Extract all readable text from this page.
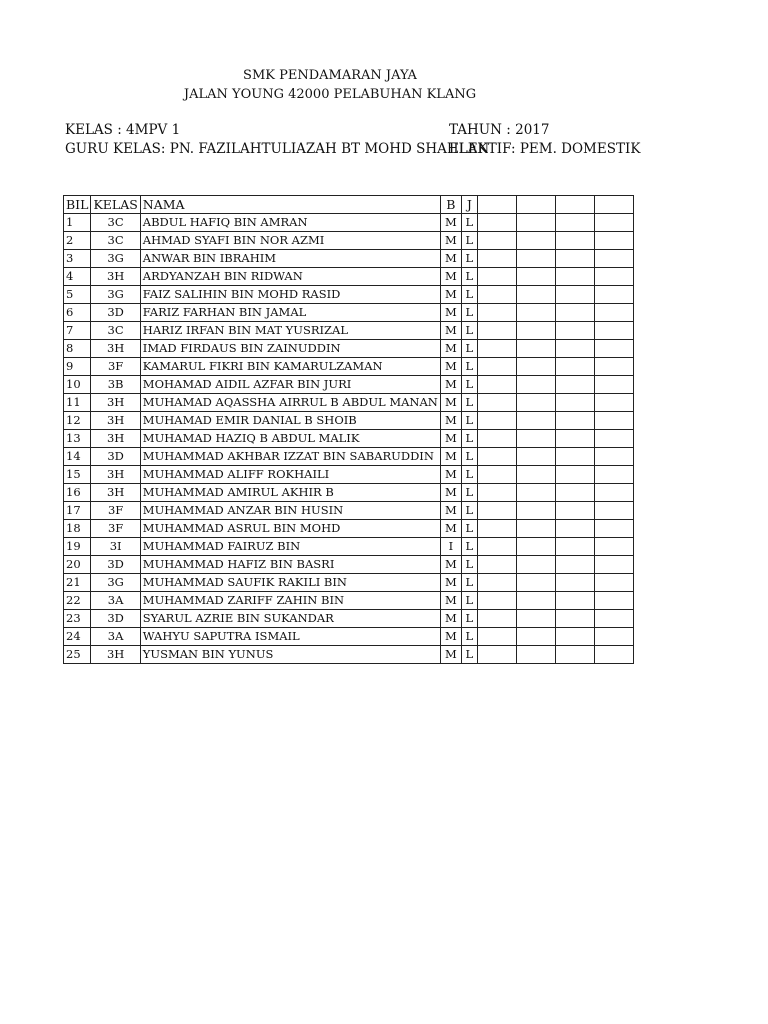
SMK PENDAMARAN JAYA
JALAN YOUNG 42000 PELABUHAN KLANG
KELAS : 4MPV 1	TAHUN : 2017
GURU KELAS: PN. FAZILAHTULIAZAH BT MOHD SHAHLAN
ELEKTIF: PEM. DOMESTIK
BIL	KELAS	NAMA	B	J				
1	3C	ABDUL HAFIQ BIN AMRAN	M	L				
2	3C	AHMAD SYAFI BIN NOR AZMI	M	L				
3	3G	ANWAR BIN IBRAHIM	M	L				
4	3H	ARDYANZAH BIN RIDWAN	M	L				
5	3G	FAIZ SALIHIN BIN MOHD RASID	M	L				
6	3D	FARIZ FARHAN BIN JAMAL	M	L				
7	3C	HARIZ IRFAN BIN MAT YUSRIZAL	M	L				
8	3H	IMAD FIRDAUS BIN ZAINUDDIN	M	L				
9	3F	KAMARUL FIKRI BIN KAMARULZAMAN	M	L				
10	3B	MOHAMAD AIDIL AZFAR BIN JURI	M	L				
11	3H	MUHAMAD AQASSHA AIRRUL B ABDUL MANAN	M	L				
12	3H	MUHAMAD EMIR DANIAL B SHOIB	M	L				
13	3H	MUHAMAD HAZIQ B ABDUL MALIK	M	L				
14	3D	MUHAMMAD AKHBAR IZZAT BIN SABARUDDIN	M	L				
15	3H	MUHAMMAD ALIFF ROKHAILI	M	L				
16	3H	MUHAMMAD AMIRUL AKHIR B	M	L				
17	3F	MUHAMMAD ANZAR BIN HUSIN	M	L				
18	3F	MUHAMMAD ASRUL BIN MOHD	M	L				
19	3I	MUHAMMAD FAIRUZ BIN	I	L				
20	3D	MUHAMMAD HAFIZ BIN BASRI	M	L				
21	3G	MUHAMMAD SAUFIK RAKILI BIN	M	L				
22	3A	MUHAMMAD ZARIFF ZAHIN BIN	M	L				
23	3D	SYARUL AZRIE BIN SUKANDAR	M	L				
24	3A	WAHYU SAPUTRA ISMAIL	M	L				
25	3H	YUSMAN BIN YUNUS	M	L				
